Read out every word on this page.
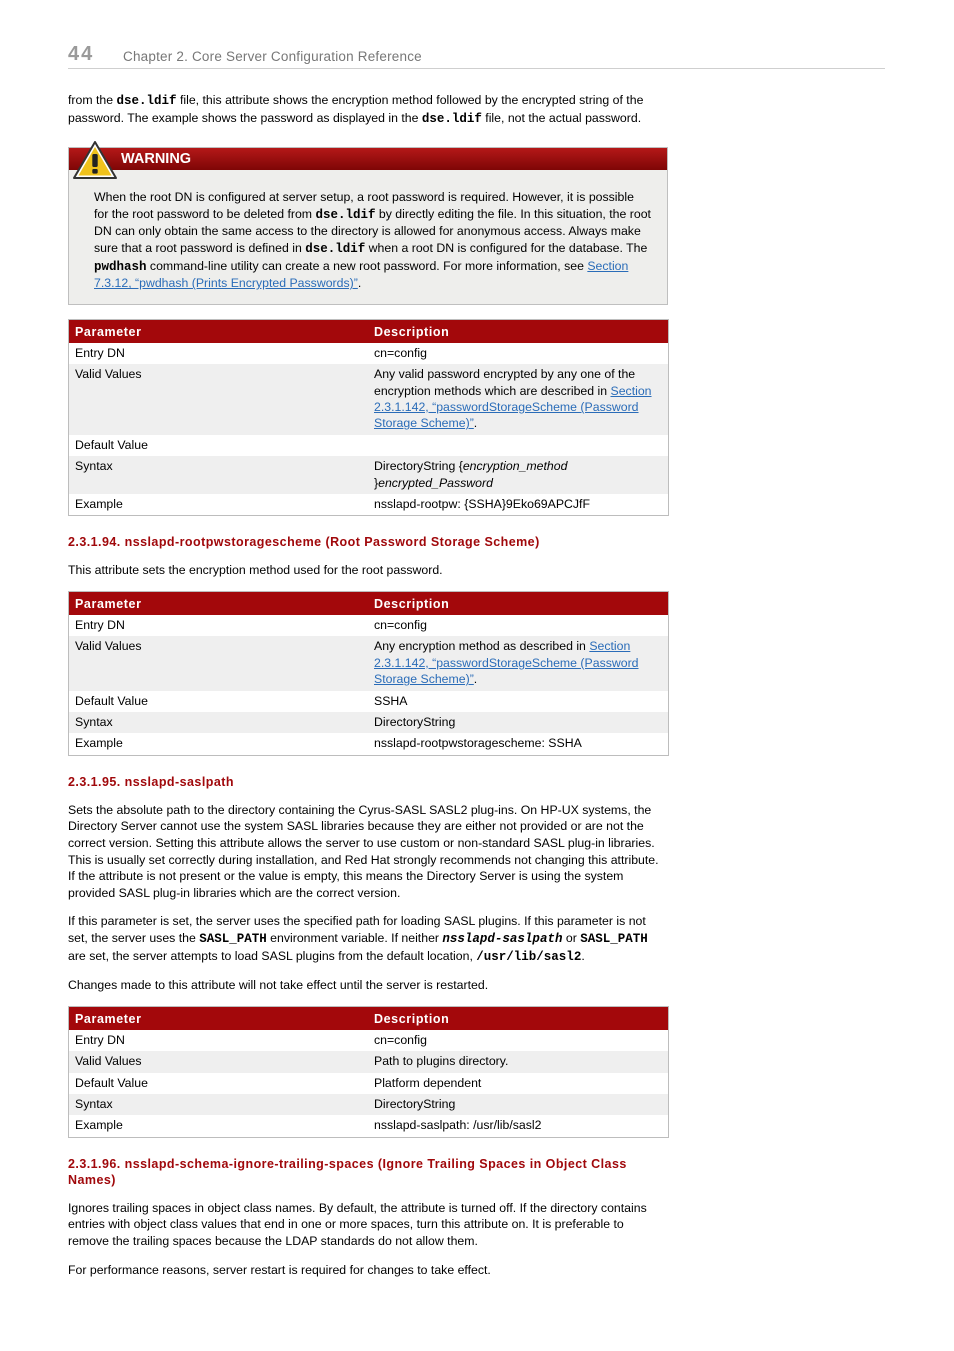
44 Chapter 2. Core Server Configuration Reference

from the dse.ldif file, this attribute shows the encryption method followed by the encrypted string of the password. The example shows the password as displayed in the dse.ldif file, not the actual password.

WARNING
When the root DN is configured at server setup, a root password is required. However, it is possible for the root password to be deleted from dse.ldif by directly editing the file. In this situation, the root DN can only obtain the same access to the directory is allowed for anonymous access. Always make sure that a root password is defined in dse.ldif when a root DN is configured for the database. The pwdhash command-line utility can create a new root password. For more information, see Section 7.3.12, “pwdhash (Prints Encrypted Passwords)”.
Parameter	Description
Entry DN	cn=config
Valid Values	Any valid password encrypted by any one of the encryption methods which are described in Section 2.3.1.142, “passwordStorageScheme (Password Storage Scheme)”.
Default Value	
Syntax	DirectoryString {encryption_method }encrypted_Password
Example	nsslapd-rootpw: {SSHA}9Eko69APCJfF
2.3.1.94. nsslapd-rootpwstoragescheme (Root Password Storage Scheme)

This attribute sets the encryption method used for the root password.

Parameter	Description
Entry DN	cn=config
Valid Values	Any encryption method as described in Section 2.3.1.142, “passwordStorageScheme (Password Storage Scheme)”.
Default Value	SSHA
Syntax	DirectoryString
Example	nsslapd-rootpwstoragescheme: SSHA
2.3.1.95. nsslapd-saslpath

Sets the absolute path to the directory containing the Cyrus-SASL SASL2 plug-ins. On HP-UX systems, the Directory Server cannot use the system SASL libraries because they are either not provided or are not the correct version. Setting this attribute allows the server to use custom or non-standard SASL plug-in libraries. This is usually set correctly during installation, and Red Hat strongly recommends not changing this attribute. If the attribute is not present or the value is empty, this means the Directory Server is using the system provided SASL plug-in libraries which are the correct version.

If this parameter is set, the server uses the specified path for loading SASL plugins. If this parameter is not set, the server uses the SASL_PATH environment variable. If neither nsslapd-saslpath or SASL_PATH are set, the server attempts to load SASL plugins from the default location, /usr/lib/sasl2.

Changes made to this attribute will not take effect until the server is restarted.

Parameter	Description
Entry DN	cn=config
Valid Values	Path to plugins directory.
Default Value	Platform dependent
Syntax	DirectoryString
Example	nsslapd-saslpath: /usr/lib/sasl2
2.3.1.96. nsslapd-schema-ignore-trailing-spaces (Ignore Trailing Spaces in Object Class Names)

Ignores trailing spaces in object class names. By default, the attribute is turned off. If the directory contains entries with object class values that end in one or more spaces, turn this attribute on. It is preferable to remove the trailing spaces because the LDAP standards do not allow them.

For performance reasons, server restart is required for changes to take effect.
